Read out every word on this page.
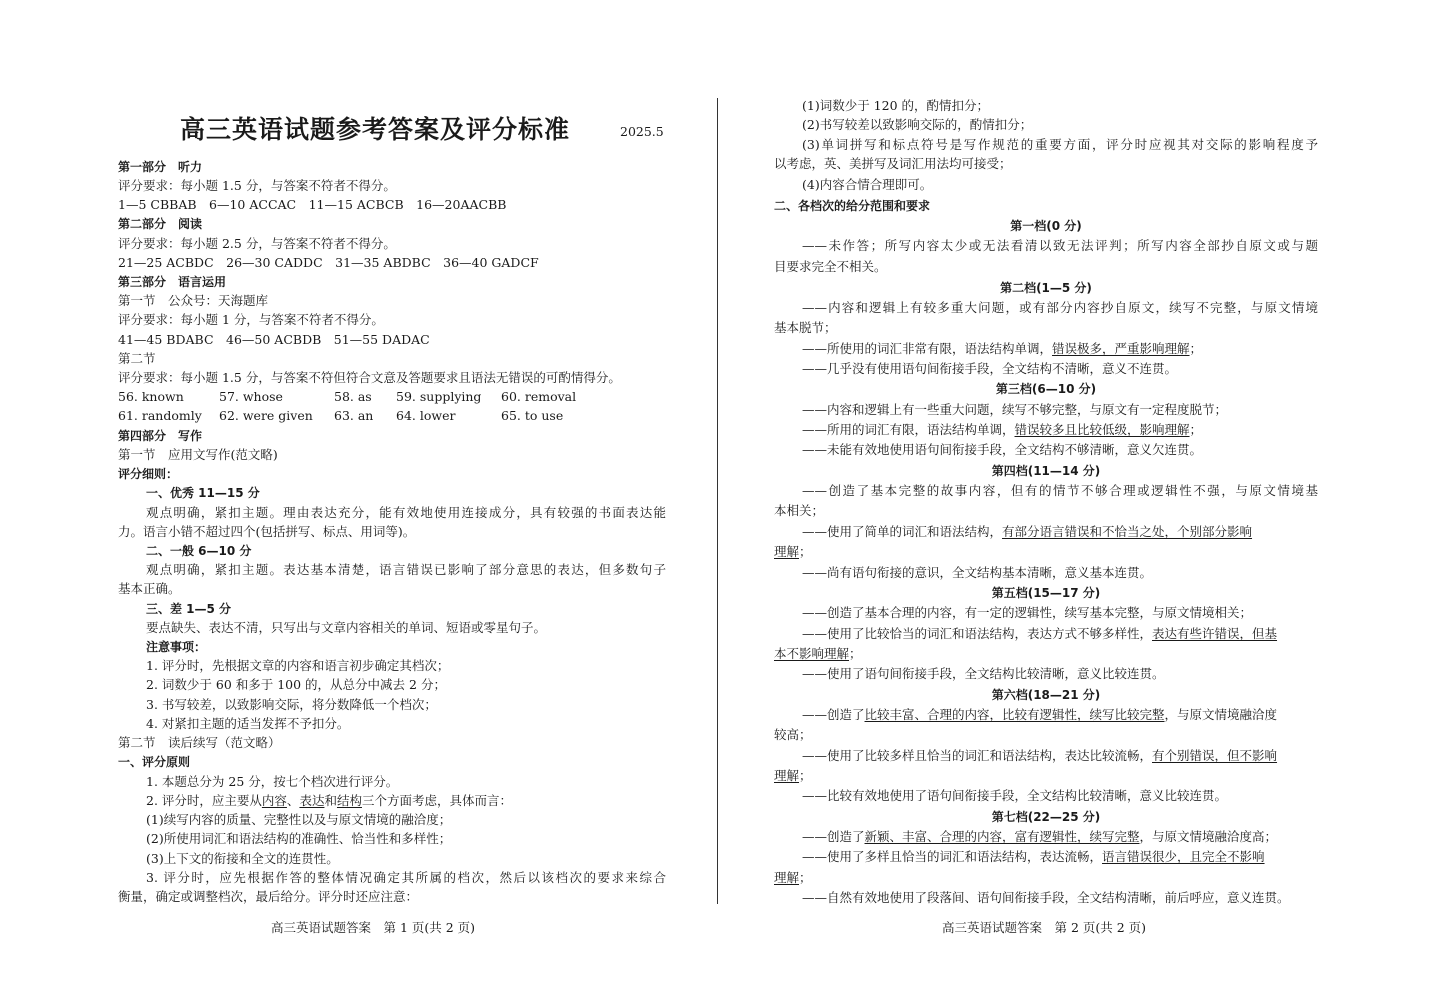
高三英语试题参考答案及评分标准	2025.5
第一部分　听力
评分要求：每小题 1.5 分，与答案不符者不得分。
1—5 CBBAB　6—10 ACCAC　11—15 ACBCB　16—20AACBB
第二部分　阅读
评分要求：每小题 2.5 分，与答案不符者不得分。
21—25 ACBDC　26—30 CADDC　31—35 ABDBC　36—40 GADCF
第三部分　语言运用
第一节　公众号：天海题库
评分要求：每小题 1 分，与答案不符者不得分。
41—45 BDABC　46—50 ACBDB　51—55 DADAC
第二节
评分要求：每小题 1.5 分，与答案不符但符合文意及答题要求且语法无错误的可酌情得分。
56. known	57. whose	58. as 59. supplying 60. removal
61. randomly 62. were given 63. an 64. lower	65. to use
第四部分　写作
第一节　应用文写作(范文略)
评分细则：
一、优秀 11—15 分
观点明确，紧扣主题。理由表达充分，能有效地使用连接成分，具有较强的书面表达能
力。语言小错不超过四个(包括拼写、标点、用词等)。
二、一般 6—10 分
观点明确，紧扣主题。表达基本清楚，语言错误已影响了部分意思的表达，但多数句子
基本正确。
三、差 1—5 分
要点缺失、表达不清，只写出与文章内容相关的单词、短语或零星句子。
注意事项：
1. 评分时，先根据文章的内容和语言初步确定其档次；
2. 词数少于 60 和多于 100 的，从总分中减去 2 分；
3. 书写较差，以致影响交际，将分数降低一个档次；
4. 对紧扣主题的适当发挥不予扣分。
第二节　读后续写（范文略）
一、评分原则
1. 本题总分为 25 分，按七个档次进行评分。
2. 评分时，应主要从内容、表达和结构三个方面考虑，具体而言：
(1)续写内容的质量、完整性以及与原文情境的融洽度；
(2)所使用词汇和语法结构的准确性、恰当性和多样性；
(3)上下文的衔接和全文的连贯性。
3. 评分时，应先根据作答的整体情况确定其所属的档次，然后以该档次的要求来综合
衡量，确定或调整档次，最后给分。评分时还应注意：
(1)词数少于 120 的，酌情扣分；
(2)书写较差以致影响交际的，酌情扣分；
(3)单词拼写和标点符号是写作规范的重要方面，评分时应视其对交际的影响程度予
以考虑，英、美拼写及词汇用法均可接受；
(4)内容合情合理即可。
二、各档次的给分范围和要求
第一档(0 分)
——未作答；所写内容太少或无法看清以致无法评判；所写内容全部抄自原文或与题
目要求完全不相关。
第二档(1—5 分)
——内容和逻辑上有较多重大问题，或有部分内容抄自原文，续写不完整，与原文情境
基本脱节；
——所使用的词汇非常有限，语法结构单调，错误极多，严重影响理解；
——几乎没有使用语句间衔接手段，全文结构不清晰，意义不连贯。
第三档(6—10 分)
——内容和逻辑上有一些重大问题，续写不够完整，与原文有一定程度脱节；
——所用的词汇有限，语法结构单调，错误较多且比较低级，影响理解；
——未能有效地使用语句间衔接手段，全文结构不够清晰，意义欠连贯。
第四档(11—14 分)
——创造了基本完整的故事内容，但有的情节不够合理或逻辑性不强，与原文情境基
本相关；
——使用了简单的词汇和语法结构，有部分语言错误和不恰当之处，个别部分影响
理解；
——尚有语句衔接的意识，全文结构基本清晰，意义基本连贯。
第五档(15—17 分)
——创造了基本合理的内容，有一定的逻辑性，续写基本完整，与原文情境相关；
——使用了比较恰当的词汇和语法结构，表达方式不够多样性，表达有些许错误，但基
本不影响理解；
——使用了语句间衔接手段，全文结构比较清晰，意义比较连贯。
第六档(18—21 分)
——创造了比较丰富、合理的内容，比较有逻辑性，续写比较完整，与原文情境融洽度
较高；
——使用了比较多样且恰当的词汇和语法结构，表达比较流畅，有个别错误，但不影响
理解；
——比较有效地使用了语句间衔接手段，全文结构比较清晰，意义比较连贯。
第七档(22—25 分)
——创造了新颖、丰富、合理的内容，富有逻辑性，续写完整，与原文情境融洽度高；
——使用了多样且恰当的词汇和语法结构，表达流畅，语言错误很少，且完全不影响
理解；
——自然有效地使用了段落间、语句间衔接手段，全文结构清晰，前后呼应，意义连贯。
高三英语试题答案　第 1 页(共 2 页)	高三英语试题答案　第 2 页(共 2 页)
